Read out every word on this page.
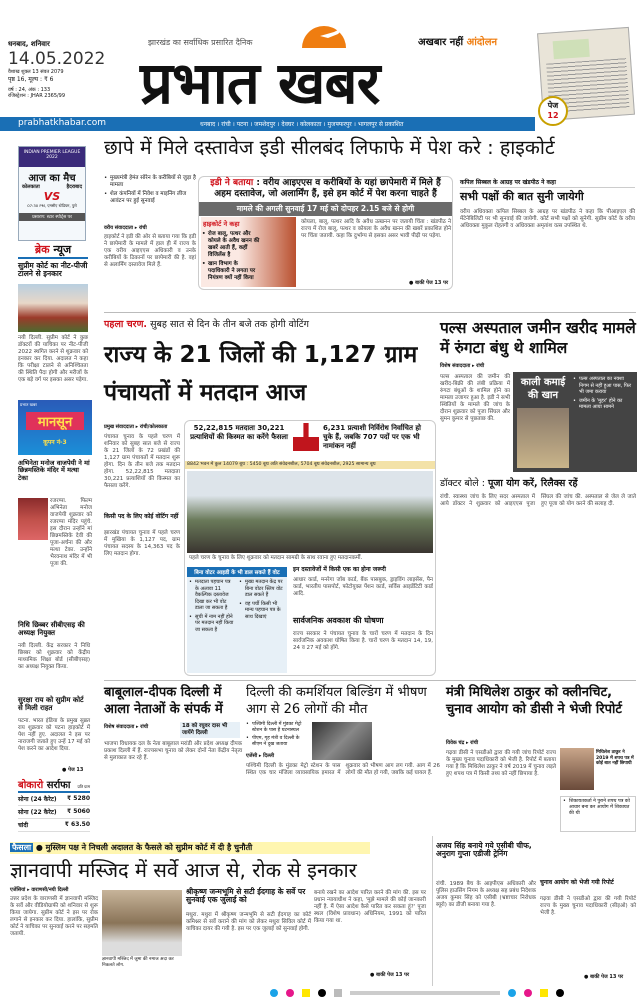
धनबाद, शनिवार
14.05.2022
वैशाख शुक्ल 13 संवत 2079
पृष्ठ 16, मूल्य : ₹ 6
वर्ष : 24, अंक : 133
रजिस्ट्रेशन : JHAR 2365/99
झारखंड का सर्वाधिक प्रसारित दैनिक
प्रभात खबर
अखबार नहीं आंदोलन
पेज
12
prabhatkhabar.com	धनबाद । रांची । पटना । जमशेदपुर । देवघर । कोलकाता । मुजफ्फरपुर । भागलपुर से प्रकाशित
INDIAN PREMIER LEAGUE 2022
आज का मैच
कोलकाता	हैदराबाद
VS
07:30 PM, एमसीए स्टेडियम, पुणे
प्रसारण: स्टार स्पोर्ट्स पर
ब्रेक न्यूज
सुप्रीम कोर्ट का नीट-पीजी टालने से इनकार
नयी दिल्ली. सुप्रीम कोर्ट ने कुछ डॉक्टरों की याचिका पर नीट-पीजी 2022 स्थगित करने से शुक्रवार को इनकार कर दिया. अदालत ने कहा कि परीक्षा टालने से अनिश्चितता की स्थिति पैदा होगी और मरीजों के एक बड़े वर्ग पर इसका असर पड़ेगा.
प्रभात खबर
मानसून
कूपन नं-3
अभिनेता मनोज वाजपेयी ने मां छिन्नमस्तिके मंदिर में मत्था टेका
रजरप्पा. फिल्म अभिनेता मनोज वाजपेयी शुक्रवार को रजरप्पा मंदिर पहुंचे. इस दौरान उन्होंने मां छिन्नमस्तिके देवी की पूजा-अर्चना की और मत्था टेका. उन्होंने भैरवनाथ मंदिर में भी पूजा की.
निधि छिब्बर सीबीएसइ की अध्यक्ष नियुक्त
नयी दिल्ली. केंद्र सरकार ने निधि छिब्बर को शुक्रवार को केंद्रीय माध्यमिक शिक्षा बोर्ड (सीबीएसइ) का अध्यक्ष नियुक्त किया.
सुरक्षा राय को सुप्रीम कोर्ट से मिली राहत
पटना. भारत इंडिया के प्रमुख सुब्रत राय शुक्रवार को पटना हाइकोर्ट में पेश नहीं हुए. अदालत ने इस पर नाराजगी जताते हुए उन्हें 17 मई को पेश करने का आदेश दिया.
● पेज 13
बोकारो सर्राफा प्रति ग्राम
सोना (24 कैरेट) ₹ 5280
सोना (22 कैरेट) ₹ 5060
चांदी	₹ 63.50
छापे में मिले दस्तावेज इडी सीलबंद लिफाफे में पेश करे : हाइकोर्ट
• मुख्यमंत्री हेमंत सोरेन के करीबियों से जुड़ा है मामला
• शेल कंपनियों में निवेश व माइनिंग लीज आवंटन पर हुई सुनवाई
वरीय संवाददाता ▸ रांची
हाइकोर्ट ने इडी की ओर से बताया गया कि इडी ने छापेमारी के मामले में हाल ही में राज्य के एक वरीय आइएएस अधिकारी व उनके करीबियों के ठिकानों पर छापेमारी की है. वहां से अलार्मिंग दस्तावेज मिले हैं.
इडी ने बताया : वरीय आइएएस व करीबियों के यहां छापेमारी में मिले हैं अहम दस्तावेज, जो अलार्मिंग हैं, इसे हम कोर्ट में पेश करना चाहते हैं
मामले की अगली सुनवाई 17 मई को दोपहर 2.15 बजे से होगी
हाइकोर्ट ने कहा
• रोज बालू, पत्थर और कोयले के अवैध खनन की खबरें आती हैं, कहीं विजिलेंस है
• खान विभाग के पदाधिकारी ने लगता पर नियंत्रण क्यों नहीं किया
कोयला, बालू, पत्थर आदि के अवैध उत्खनन पर जतायी चिंता : खंडपीठ ने राज्य में रोज बालू, पत्थर व कोयला के अवैध खनन की खबरें प्रकाशित होने पर चिंता जतायी. कहा कि दुर्भाग्य से इसका असर भावी पीढ़ी पर पड़ेगा.
● बाकी पेज 13 पर
कपिल सिब्बल के आग्रह पर खंडपीठ ने कहा
सभी पक्षों की बात सुनी जायेगी
वरीय अधिवक्ता कपिल सिब्बल के आग्रह पर खंडपीठ ने कहा कि पीआइएल की मेंटेनेबिलिटी पर भी सुनवाई की जायेगी. कोर्ट सभी पक्षों को सुनेगी. सुप्रीम कोर्ट के वरीय अधिवक्ता मुकुल रोहतगी व अधिवक्ता अमृतांश वत्स उपस्थित थे.
पहला चरण. सुबह सात से दिन के तीन बजे तक होगी वोटिंग
राज्य के 21 जिलों की 1,127 ग्राम पंचायतों में मतदान आज
प्रमुख संवाददाता ▸ रांची/कोलकाता
पंचायत चुनाव के पहले चरण में शनिवार को सुबह सात बजे से राज्य के 21 जिलों के 72 प्रखंडों की 1,127 ग्राम पंचायतों में मतदान शुरू होगा. दिन के तीन बजे तक मतदान होगा. 52,22,815 मतदाता 30,221 प्रत्याशियों की किस्मत का फैसला करेंगे.
किसी पद के लिए कोई वोटिंग नहीं
झारखंड पंचायत चुनाव में पहले चरण में मुखिया के 1,127 पद, ग्राम पंचायत सदस्य के 14,363 पद के लिए मतदान होगा.
52,22,815 मतदाता 30,221 प्रत्याशियों की किस्मत का करेंगे फैसला
6,231 प्रत्याशी निर्विरोध निर्वाचित हो चुके हैं, जबकि 707 पदों पर एक भी नामांकन नहीं
8842 भवन में कुल 14079 बूथ : 5450 बूथ अति संवेदनशील, 5704 बूथ संवेदनशील, 2925 सामान्य बूथ
पहले चरण के चुनाव के लिए शुक्रवार को मतदान सामग्री के साथ रवाना हुए मतदानकर्मी.
बिना वोटर आइडी के भी डाल सकते हैं वोट
• मतदाता पहचान पत्र के अलावा 11 वैकल्पिक दस्तावेज दिखा कर भी वोट डाला जा सकता है
• सूची में नाम नहीं होने पर मतदान नहीं किया जा सकता है
• मुख्य मतदान केंद्र पर बिना वोटर स्लिप वोट डाल सकते हैं
• वह पर्ची किसी भी मान्य पहचान पत्र के साथ दिखाएं
इन दस्तावेजों में किसी एक का होना जरूरी
आधार कार्ड, मनरेगा जॉब कार्ड, बैंक पासबुक, ड्राइविंग लाइसेंस, पैन कार्ड, भारतीय पासपोर्ट, फोटोयुक्त पेंशन कार्ड, सर्विस आइडेंटिटी कार्ड आदि.
सार्वजनिक अवकाश की घोषणा
राज्य सरकार ने पंचायत चुनाव के चारों चरण में मतदान के दिन सार्वजनिक अवकाश घोषित किया है. चारों चरण के मतदान 14, 19, 24 व 27 मई को होंगे.
पल्स अस्पताल जमीन खरीद मामले में रुंगटा बंधु थे शामिल
विशेष संवाददाता ▸ रांची
पल्स अस्पताल की जमीन की खरीद-बिक्री की लंबी प्रक्रिया में रुंगटा बंधुओं के शामिल होने का मामला उजागर हुआ है. इडी ने सभी स्थितियों के मामले की जांच के दौरान शुक्रवार को पूजा सिंघल और सुमन कुमार से पूछताछ की.
काली कमाई की खान
• पल्स अस्पताल का नक्शा निगम से नहीं हुआ पास, फिर भी जमा कराया
• जमीन के 'मुहर' होने का मामला आया सामने
डॉक्टर बोले : पूजा योग करें, रिलैक्स रहें
रांची. स्वास्थ्य जांच के लिए सदर अस्पताल में आये डॉक्टर ने शुक्रवार को आइएएस पूजा सिंघल की जांच की. अस्पताल से जेल ले जाते हुए पूजा को योग करने की सलाह दी.
बाबूलाल-दीपक दिल्ली में आला नेताओं के संपर्क में
विशेष संवाददाता ▸ रांची	18 को रघुवर दास भी जायेंगे दिल्ली
भाजपा विधायक दल के नेता बाबूलाल मरांडी और प्रदेश अध्यक्ष दीपक प्रकाश दिल्ली में हैं. राज्यसभा चुनाव को लेकर दोनों नेता केंद्रीय नेतृत्व से मुलाकात कर रहे हैं.
दिल्ली की कमर्शियल बिल्डिंग में भीषण आग से 26 लोगों की मौत
• पश्चिमी दिल्ली में मुंडका मेट्रो स्टेशन के पास है घटनास्थल
• पीएम, गृह मंत्री व दिल्ली के सीएम ने दुख जताया
एजेंसी ▸ दिल्ली
पश्चिमी दिल्ली के मुंडका मेट्रो स्टेशन के पास स्थित एक चार मंजिला व्यावसायिक इमारत में शुक्रवार को भीषण आग लग गयी. आग में 26 लोगों की मौत हो गयी, जबकि कई घायल हैं.
मंत्री मिथिलेश ठाकुर को क्लीनचिट, चुनाव आयोग को डीसी ने भेजी रिपोर्ट
विवेक चंद्र ▸ रांची
गढ़वा डीसी ने एसडीओ द्वारा की गयी जांच रिपोर्ट राज्य के मुख्य चुनाव पदाधिकारी को भेजी है. रिपोर्ट में बताया गया है कि मिथिलेश ठाकुर ने वर्ष 2019 में चुनाव लड़ते हुए शपथ पत्र में किसी तथ्य को नहीं छिपाया है.
मिथिलेश ठाकुर ने 2019 में शपथ पत्र में कोई बात नहीं छिपायी
• शिकायतकर्ता ने पुराने शपथ पत्र को आधार बना कर आयोग में शिकायत की थी
फैसला ● मुस्लिम पक्ष ने निचली अदालत के फैसले को सुप्रीम कोर्ट में दी है चुनौती
ज्ञानवापी मस्जिद में सर्वे आज से, रोक से इनकार
एजेंसियां ▸ वाराणसी/नयी दिल्ली
उत्तर प्रदेश के वाराणसी में ज्ञानवापी मस्जिद के सर्वे और वीडियोग्राफी को शनिवार से शुरू किया जायेगा. सुप्रीम कोर्ट ने इस पर रोक लगाने से इनकार कर दिया. हालांकि, सुप्रीम कोर्ट ने याचिका पर सुनवाई करने पर सहमति जतायी.
ज्ञानवापी मस्जिद में जुमा की नमाज अदा कर निकलते लोग.
श्रीकृष्ण जन्मभूमि से सटी ईदगाह के सर्वे पर सुनवाई एक जुलाई को
मथुरा. मथुरा में श्रीकृष्ण जन्मभूमि से सटी ईदगाह का कोर्ट कमिश्नर से सर्वे कराने की मांग को लेकर मथुरा सिविल कोर्ट में याचिका दायर की गयी है. इस पर एक जुलाई को सुनवाई होगी.
बनाये रखने का आदेश पारित करने की मांग की. इस पर प्रधान न्यायाधीश ने कहा, 'मुझे मामले की कोई जानकारी नहीं है. मैं ऐसा आदेश कैसे पारित कर सकता हूं?' पूजा स्थल (विशेष प्रावधान) अधिनियम, 1991 को पारित किया गया था.
● बाकी पेज 13 पर
अजय सिंह बनाये गये एसीबी चीफ, अनुराग गुप्ता एडीजी ट्रेनिंग
रांची. 1989 बैच के आइपीएस अधिकारी और पुलिस हाउसिंग निगम के अध्यक्ष सह प्रबंध निदेशक अजय कुमार सिंह को एसीबी (भ्रष्टाचार निरोधक ब्यूरो) का डीजी बनाया गया है.
चुनाव आयोग को भेजी गयी रिपोर्ट
गढ़वा डीसी ने एसडीओ द्वारा की गयी रिपोर्ट राज्य के मुख्य चुनाव पदाधिकारी (सीइओ) को भेजी है.
● बाकी पेज 13 पर
